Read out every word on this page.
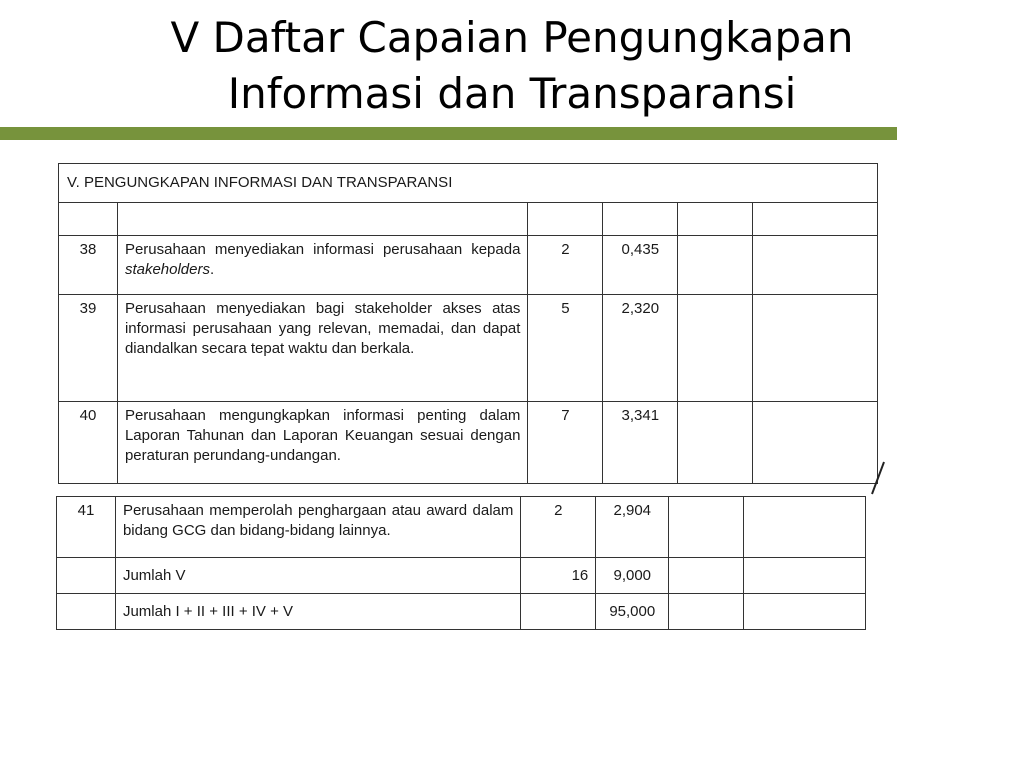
V Daftar Capaian Pengungkapan
Informasi dan Transparansi
V. PENGUNGKAPAN INFORMASI DAN TRANSPARANSI					

38	Perusahaan menyediakan informasi perusahaan kepada stakeholders.	2	0,435		
39	Perusahaan menyediakan bagi stakeholder akses atas informasi perusahaan yang relevan, memadai, dan dapat diandalkan secara tepat waktu dan berkala.	5	2,320		
40	Perusahaan mengungkapkan informasi penting dalam Laporan Tahunan dan Laporan Keuangan sesuai dengan peraturan perundang-undangan.	7	3,341		
41	Perusahaan memperolah penghargaan atau award dalam bidang GCG dan bidang-bidang lainnya.	2	2,904		
	Jumlah V	16	9,000		
	Jumlah I + II + III + IV + V		95,000		
